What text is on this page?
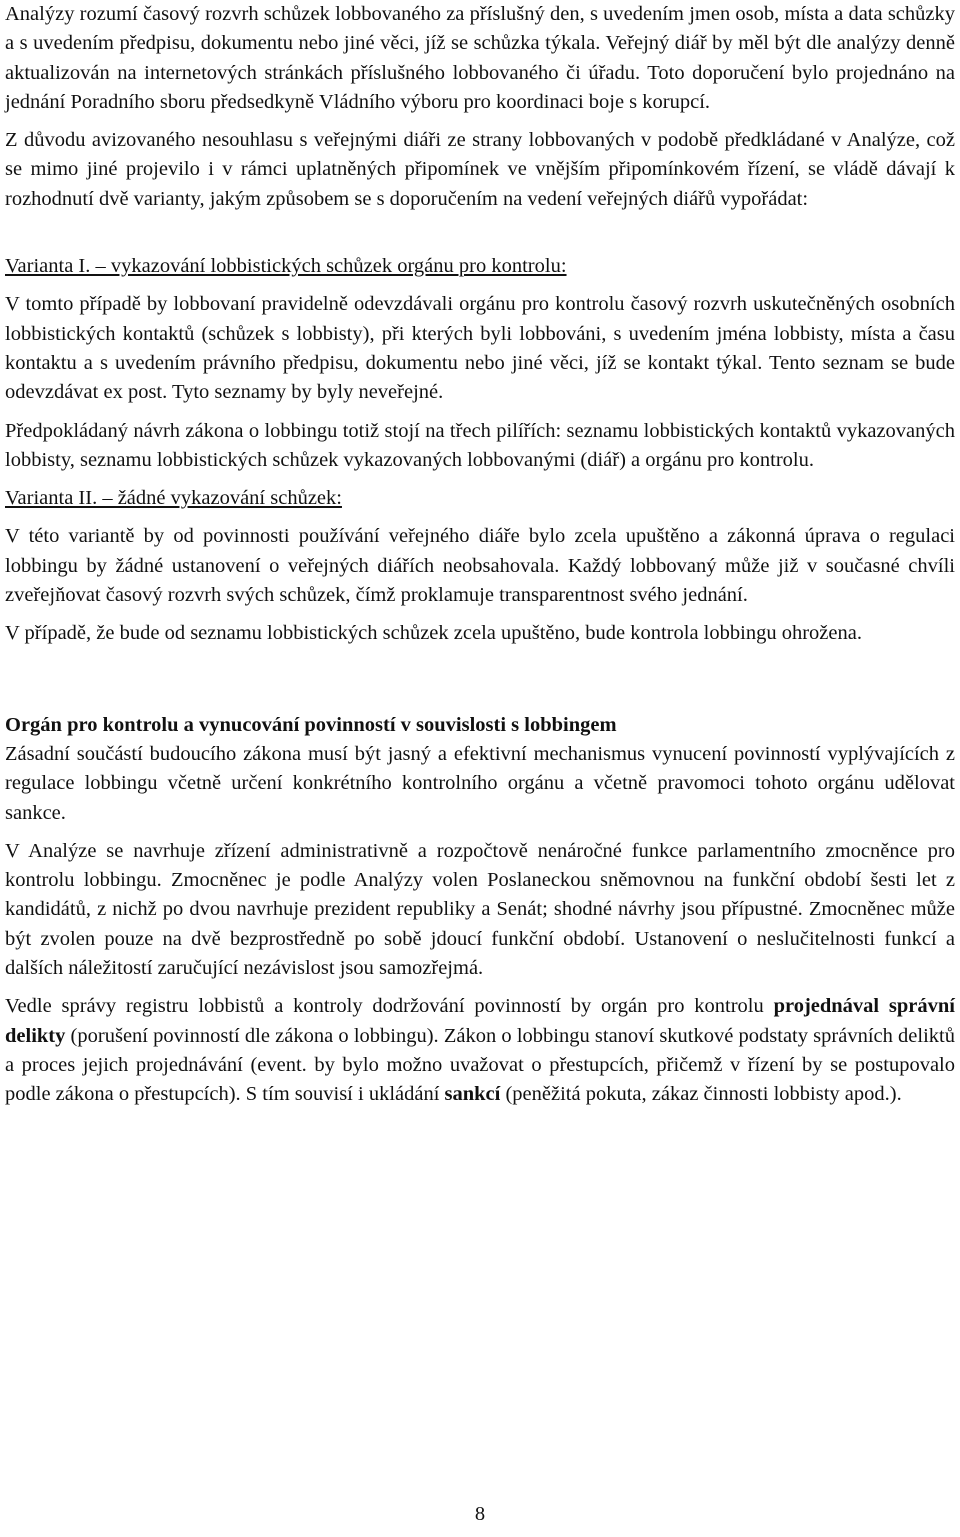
Analýzy rozumí časový rozvrh schůzek lobbovaného za příslušný den, s uvedením jmen osob, místa a data schůzky a s uvedením předpisu, dokumentu nebo jiné věci, jíž se schůzka týkala. Veřejný diář by měl být dle analýzy denně aktualizován na internetových stránkách příslušného lobbovaného či úřadu. Toto doporučení bylo projednáno na jednání Poradního sboru předsedkyně Vládního výboru pro koordinaci boje s korupcí.

Z důvodu avizovaného nesouhlasu s veřejnými diáři ze strany lobbovaných v podobě předkládané v Analýze, což se mimo jiné projevilo i v rámci uplatněných připomínek ve vnějším připomínkovém řízení, se vládě dávají k rozhodnutí dvě varianty, jakým způsobem se s doporučením na vedení veřejných diářů vypořádat:

Varianta I. – vykazování lobbistických schůzek orgánu pro kontrolu:

V tomto případě by lobbovaní pravidelně odevzdávali orgánu pro kontrolu časový rozvrh uskutečněných osobních lobbistických kontaktů (schůzek s lobbisty), při kterých byli lobbováni, s uvedením jména lobbisty, místa a času kontaktu a s uvedením právního předpisu, dokumentu nebo jiné věci, jíž se kontakt týkal. Tento seznam se bude odevzdávat ex post. Tyto seznamy by byly neveřejné.

Předpokládaný návrh zákona o lobbingu totiž stojí na třech pilířích: seznamu lobbistických kontaktů vykazovaných lobbisty, seznamu lobbistických schůzek vykazovaných lobbovanými (diář) a orgánu pro kontrolu.

Varianta II. – žádné vykazování schůzek:

V této variantě by od povinnosti používání veřejného diáře bylo zcela upuštěno a zákonná úprava o regulaci lobbingu by žádné ustanovení o veřejných diářích neobsahovala. Každý lobbovaný může již v současné chvíli zveřejňovat časový rozvrh svých schůzek, čímž proklamuje transparentnost svého jednání.

V případě, že bude od seznamu lobbistických schůzek zcela upuštěno, bude kontrola lobbingu ohrožena.

Orgán pro kontrolu a vynucování povinností v souvislosti s lobbingem

Zásadní součástí budoucího zákona musí být jasný a efektivní mechanismus vynucení povinností vyplývajících z regulace lobbingu včetně určení konkrétního kontrolního orgánu a včetně pravomoci tohoto orgánu udělovat sankce.

V Analýze se navrhuje zřízení administrativně a rozpočtově nenáročné funkce parlamentního zmocněnce pro kontrolu lobbingu. Zmocněnec je podle Analýzy volen Poslaneckou sněmovnou na funkční období šesti let z kandidátů, z nichž po dvou navrhuje prezident republiky a Senát; shodné návrhy jsou přípustné. Zmocněnec může být zvolen pouze na dvě bezprostředně po sobě jdoucí funkční období. Ustanovení o neslučitelnosti funkcí a dalších náležitostí zaručující nezávislost jsou samozřejmá.

Vedle správy registru lobbistů a kontroly dodržování povinností by orgán pro kontrolu projednával správní delikty (porušení povinností dle zákona o lobbingu). Zákon o lobbingu stanoví skutkové podstaty správních deliktů a proces jejich projednávání (event. by bylo možno uvažovat o přestupcích, přičemž v řízení by se postupovalo podle zákona o přestupcích). S tím souvisí i ukládání sankcí (peněžitá pokuta, zákaz činnosti lobbisty apod.).

8
